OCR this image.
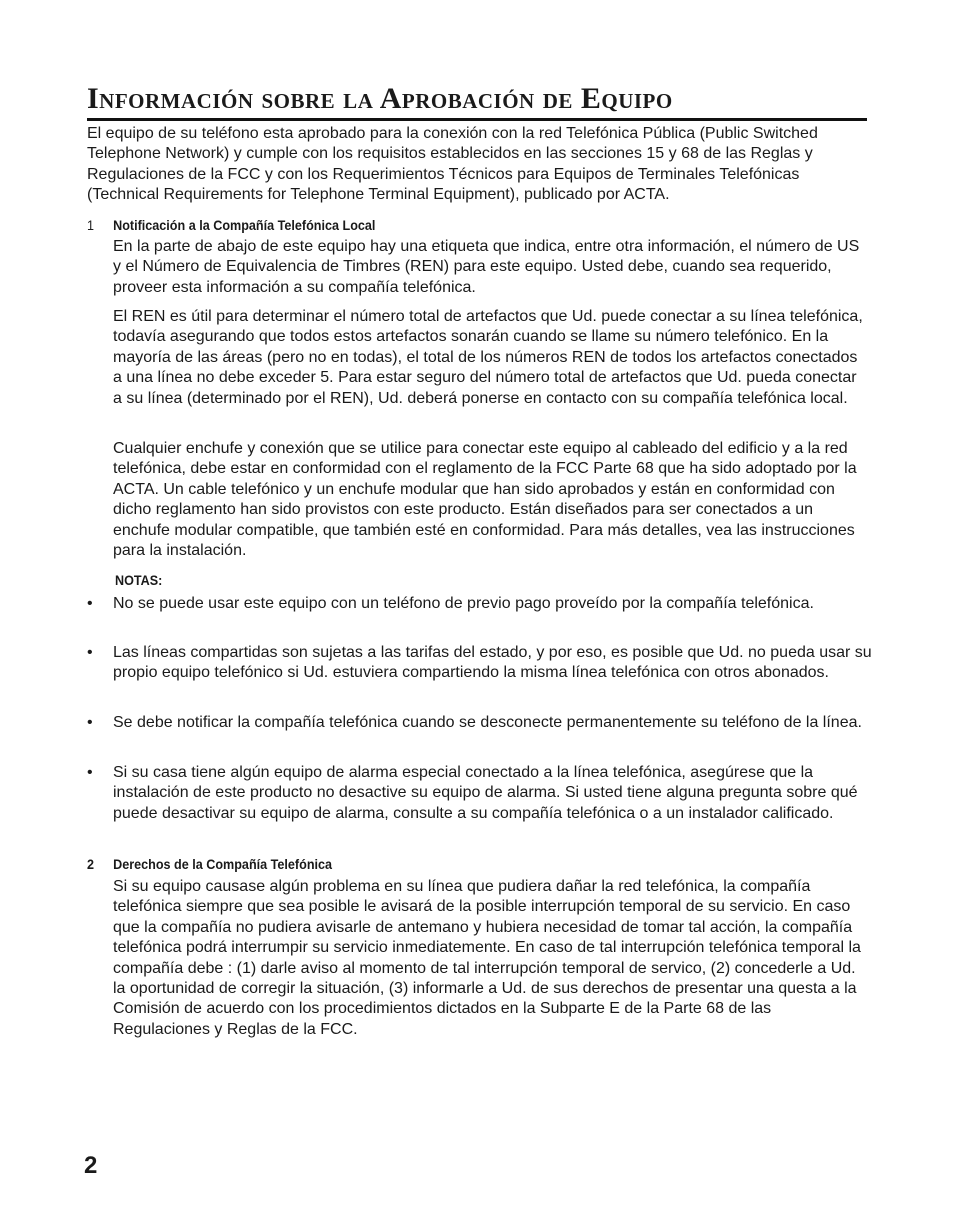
Información sobre la Aprobación de Equipo

El equipo de su teléfono esta aprobado para la conexión con la red Telefónica Pública (Public Switched Telephone Network) y cumple con los requisitos establecidos en las secciones 15 y 68 de las Reglas y Regulaciones de la FCC y con los Requerimientos Técnicos para Equipos de Terminales Telefónicas (Technical Requirements for Telephone Terminal Equipment), publicado por ACTA.

1 Notificación a la Compañía Telefónica Local

En la parte de abajo de este equipo hay una etiqueta que indica, entre otra información, el número de US y el Número de Equivalencia de Timbres (REN) para este equipo. Usted debe, cuando sea requerido, proveer esta información a su compañía telefónica.

El REN es útil para determinar el número total de artefactos que Ud. puede conectar a su línea telefónica, todavía asegurando que todos estos artefactos sonarán cuando se llame su número telefónico. En la mayoría de las áreas (pero no en todas), el total de los números REN de todos los artefactos conectados a una línea no debe exceder 5. Para estar seguro del número total de artefactos que Ud. pueda conectar a su línea (determinado por el REN), Ud. deberá ponerse en contacto con su compañía telefónica local.

Cualquier enchufe y conexión que se utilice para conectar este equipo al cableado del edificio y a la red telefónica, debe estar en conformidad con el reglamento de la FCC Parte 68 que ha sido adoptado por la ACTA. Un cable telefónico y un enchufe modular que han sido aprobados y están en conformidad con dicho reglamento han sido provistos con este producto. Están diseñados para ser conectados a un enchufe modular compatible, que también esté en conformidad. Para más detalles, vea las instrucciones para la instalación.

NOTAS:
• No se puede usar este equipo con un teléfono de previo pago proveído por la compañía telefónica.
• Las líneas compartidas son sujetas a las tarifas del estado, y por eso, es posible que Ud. no pueda usar su propio equipo telefónico si Ud. estuviera compartiendo la misma línea telefónica con otros abonados.
• Se debe notificar la compañía telefónica cuando se desconecte permanentemente su teléfono de la línea.
• Si su casa tiene algún equipo de alarma especial conectado a la línea telefónica, asegúrese que la instalación de este producto no desactive su equipo de alarma. Si usted tiene alguna pregunta sobre qué puede desactivar su equipo de alarma, consulte a su compañía telefónica o a un instalador calificado.
2 Derechos de la Compañía Telefónica

Si su equipo causase algún problema en su línea que pudiera dañar la red telefónica, la compañía telefónica siempre que sea posible le avisará de la posible interrupción temporal de su servicio. En caso que la compañía no pudiera avisarle de antemano y hubiera necesidad de tomar tal acción, la compañía telefónica podrá interrumpir su servicio inmediatemente. En caso de tal interrupción telefónica temporal la compañía debe : (1) darle aviso al momento de tal interrupción temporal de servico, (2) concederle a Ud. la oportunidad de corregir la situación, (3) informarle a Ud. de sus derechos de presentar una questa a la Comisión de acuerdo con los procedimientos dictados en la Subparte E de la Parte 68 de las Regulaciones y Reglas de la FCC.

2
